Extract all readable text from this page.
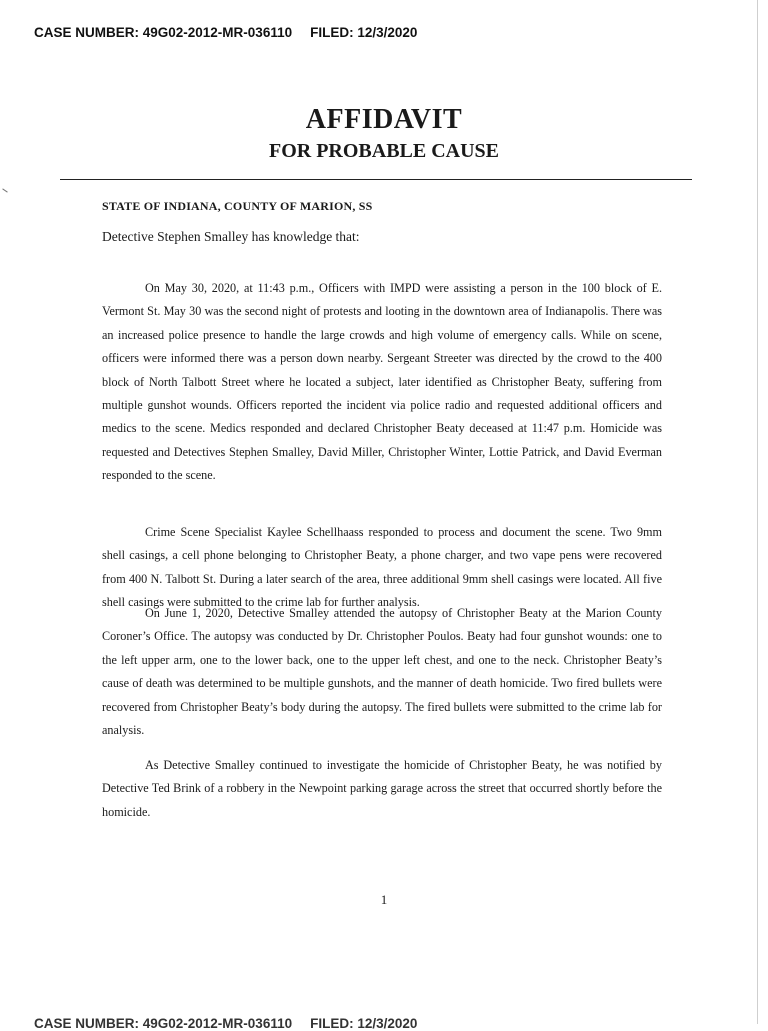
CASE NUMBER: 49G02-2012-MR-036110 FILED: 12/3/2020
AFFIDAVIT
FOR PROBABLE CAUSE
STATE OF INDIANA, COUNTY OF MARION, SS
Detective Stephen Smalley has knowledge that:

On May 30, 2020, at 11:43 p.m., Officers with IMPD were assisting a person in the 100 block of E. Vermont St. May 30 was the second night of protests and looting in the downtown area of Indianapolis. There was an increased police presence to handle the large crowds and high volume of emergency calls. While on scene, officers were informed there was a person down nearby. Sergeant Streeter was directed by the crowd to the 400 block of North Talbott Street where he located a subject, later identified as Christopher Beaty, suffering from multiple gunshot wounds. Officers reported the incident via police radio and requested additional officers and medics to the scene. Medics responded and declared Christopher Beaty deceased at 11:47 p.m. Homicide was requested and Detectives Stephen Smalley, David Miller, Christopher Winter, Lottie Patrick, and David Everman responded to the scene.

Crime Scene Specialist Kaylee Schellhaass responded to process and document the scene. Two 9mm shell casings, a cell phone belonging to Christopher Beaty, a phone charger, and two vape pens were recovered from 400 N. Talbott St. During a later search of the area, three additional 9mm shell casings were located. All five shell casings were submitted to the crime lab for further analysis.

On June 1, 2020, Detective Smalley attended the autopsy of Christopher Beaty at the Marion County Coroner’s Office. The autopsy was conducted by Dr. Christopher Poulos. Beaty had four gunshot wounds: one to the left upper arm, one to the lower back, one to the upper left chest, and one to the neck. Christopher Beaty’s cause of death was determined to be multiple gunshots, and the manner of death homicide. Two fired bullets were recovered from Christopher Beaty’s body during the autopsy. The fired bullets were submitted to the crime lab for analysis.

As Detective Smalley continued to investigate the homicide of Christopher Beaty, he was notified by Detective Ted Brink of a robbery in the Newpoint parking garage across the street that occurred shortly before the homicide.

1
CASE NUMBER: 49G02-2012-MR-036110 FILED: 12/3/2020
